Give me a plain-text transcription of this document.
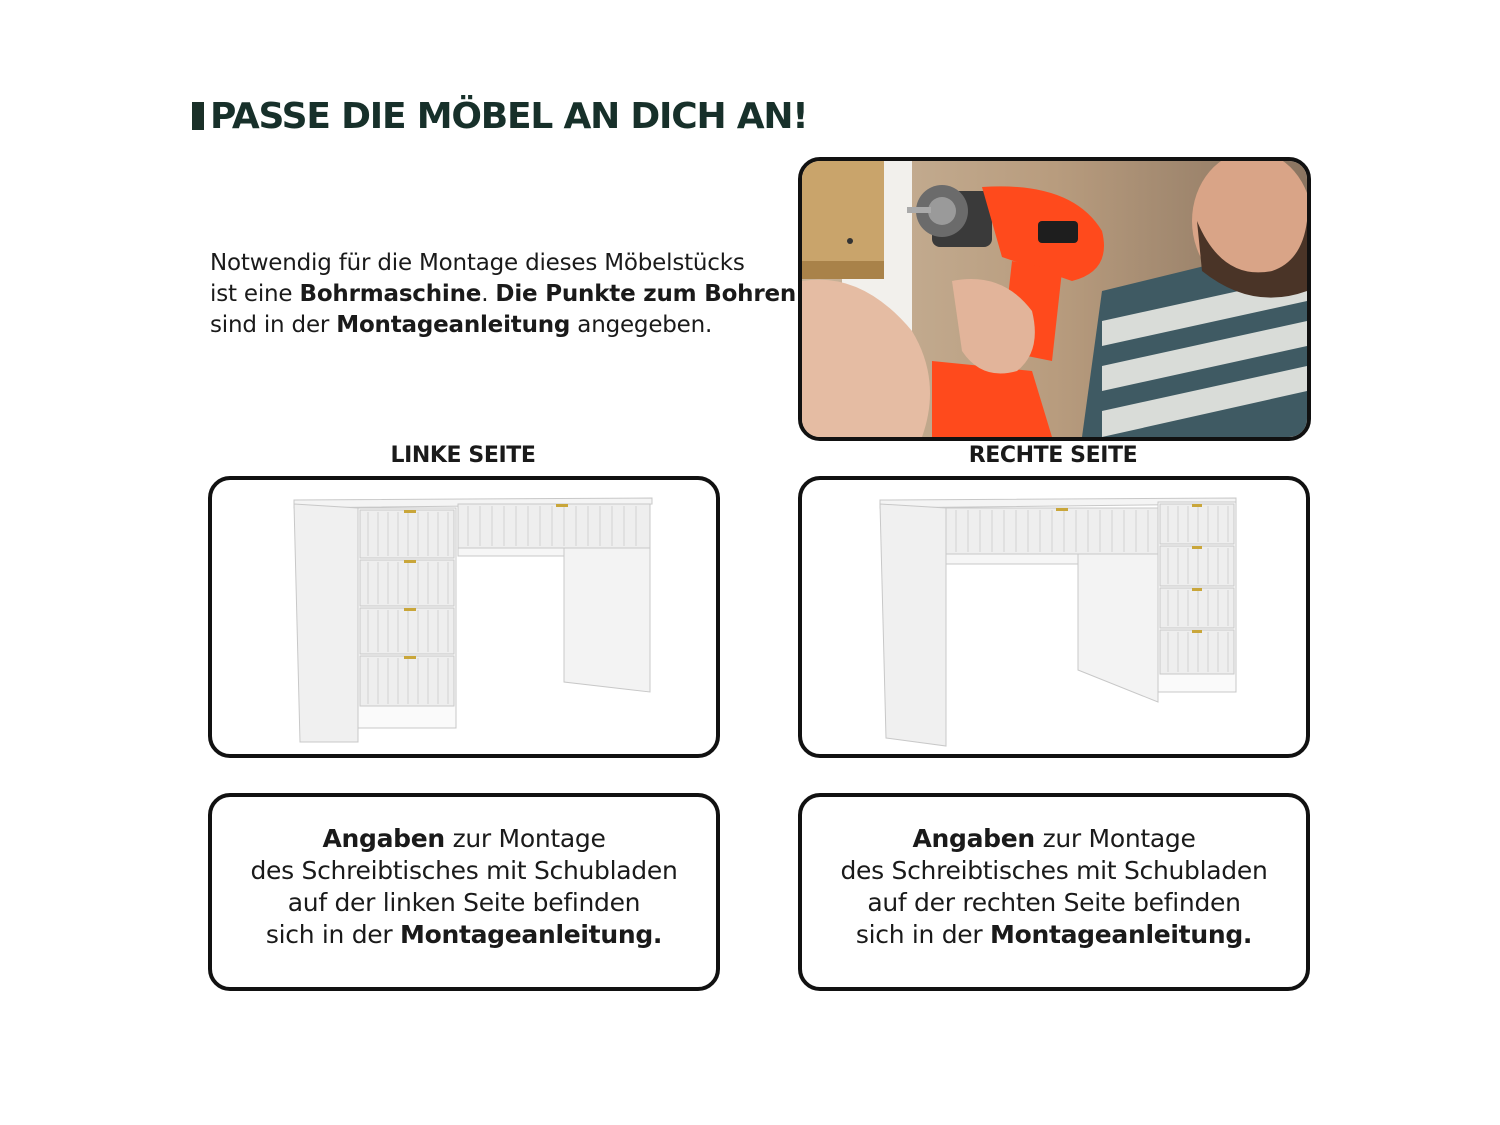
PASSE DIE MÖBEL AN DICH AN!
Notwendig für die Montage dieses Möbelstücks
ist eine Bohrmaschine. Die Punkte zum Bohren
sind in der Montageanleitung angegeben.
LINKE SEITE	RECHTE SEITE
Angaben zur Montage
des Schreibtisches mit Schubladen
auf der linken Seite befinden
sich in der Montageanleitung.
Angaben zur Montage
des Schreibtisches mit Schubladen
auf der rechten Seite befinden
sich in der Montageanleitung.
